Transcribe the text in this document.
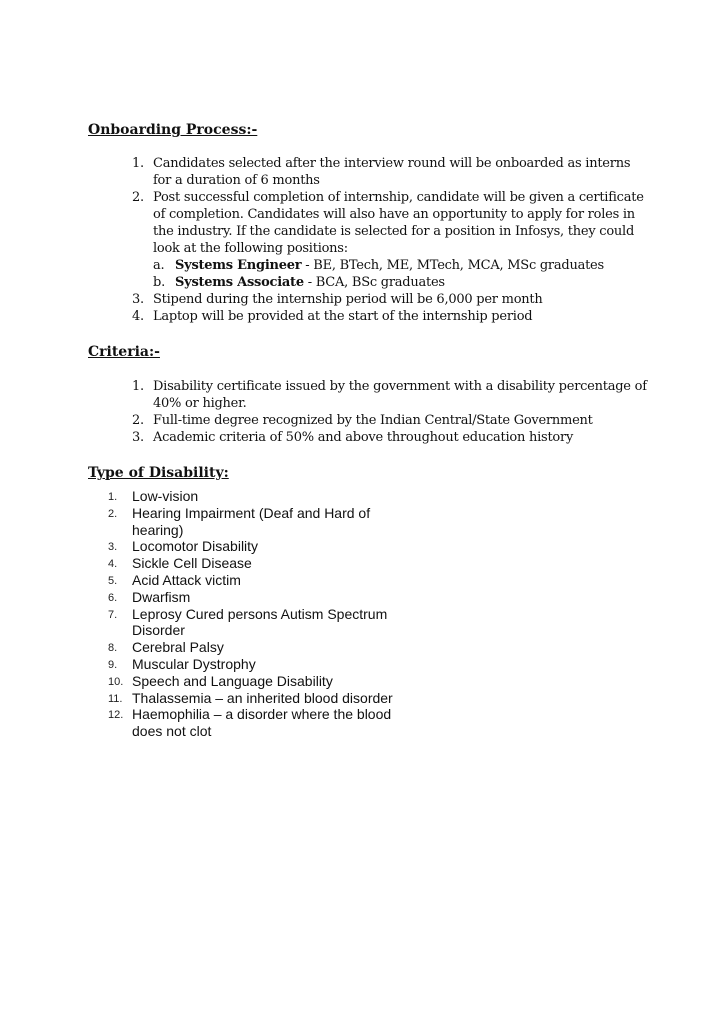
Onboarding Process:-
1. Candidates selected after the interview round will be onboarded as interns for a duration of 6 months
2. Post successful completion of internship, candidate will be given a certificate of completion. Candidates will also have an opportunity to apply for roles in the industry. If the candidate is selected for a position in Infosys, they could look at the following positions:
a. Systems Engineer - BE, BTech, ME, MTech, MCA, MSc graduates
b. Systems Associate - BCA, BSc graduates
3. Stipend during the internship period will be 6,000 per month
4. Laptop will be provided at the start of the internship period
Criteria:-
1. Disability certificate issued by the government with a disability percentage of 40% or higher.
2. Full-time degree recognized by the Indian Central/State Government
3. Academic criteria of 50% and above throughout education history
Type of Disability:
1. Low-vision
2. Hearing Impairment (Deaf and Hard of hearing)
3. Locomotor Disability
4. Sickle Cell Disease
5. Acid Attack victim
6. Dwarfism
7. Leprosy Cured persons Autism Spectrum Disorder
8. Cerebral Palsy
9. Muscular Dystrophy
10. Speech and Language Disability
11. Thalassemia – an inherited blood disorder
12. Haemophilia – a disorder where the blood does not clot
